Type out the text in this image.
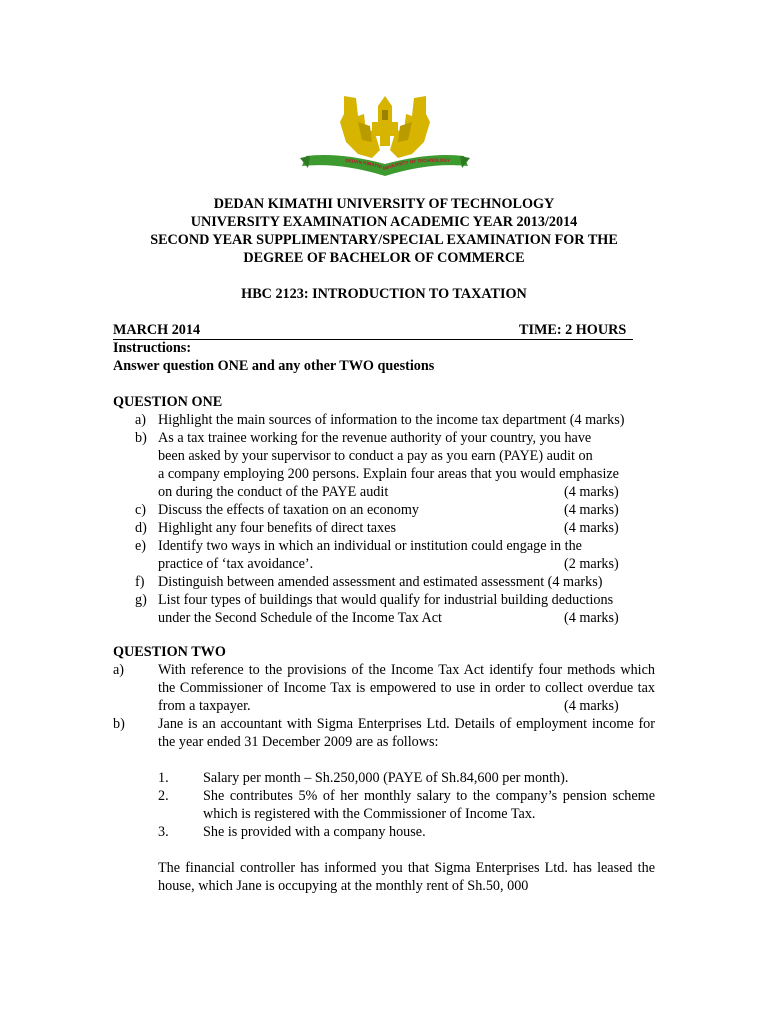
DEDAN KIMATHI UNIVERSITY OF TECHNOLOGY
DEDAN KIMATHI UNIVERSITY OF TECHNOLOGY
UNIVERSITY EXAMINATION ACADEMIC YEAR 2013/2014
SECOND YEAR SUPPLIMENTARY/SPECIAL EXAMINATION FOR THE
DEGREE OF BACHELOR OF COMMERCE
HBC 2123: INTRODUCTION TO TAXATION
MARCH 2014	TIME: 2 HOURS
Instructions:
Answer question ONE and any other TWO questions
QUESTION ONE
a) Highlight the main sources of information to the income tax department (4 marks)
b) As a tax trainee working for the revenue authority of your country, you have
been asked by your supervisor to conduct a pay as you earn (PAYE) audit on
a company employing 200 persons. Explain four areas that you would emphasize
on during the conduct of the PAYE audit	(4 marks)
c) Discuss the effects of taxation on an economy	(4 marks)
d) Highlight any four benefits of direct taxes	(4 marks)
e) Identify two ways in which an individual or institution could engage in the
practice of ‘tax avoidance’.	(2 marks)
f) Distinguish between amended assessment and estimated assessment (4 marks)
g) List four types of buildings that would qualify for industrial building deductions
under the Second Schedule of the Income Tax Act	(4 marks)
QUESTION TWO
a) With reference to the provisions of the Income Tax Act identify four methods which the Commissioner of Income Tax is empowered to use in order to collect overdue tax from a taxpayer.	(4 marks)
b) Jane is an accountant with Sigma Enterprises Ltd. Details of employment income for the year ended 31 December 2009 are as follows:
1. Salary per month – Sh.250,000 (PAYE of Sh.84,600 per month).
2. She contributes 5% of her monthly salary to the company’s pension scheme which is registered with the Commissioner of Income Tax.
3. She is provided with a company house.
The financial controller has informed you that Sigma Enterprises Ltd. has leased the house, which Jane is occupying at the monthly rent of Sh.50, 000
